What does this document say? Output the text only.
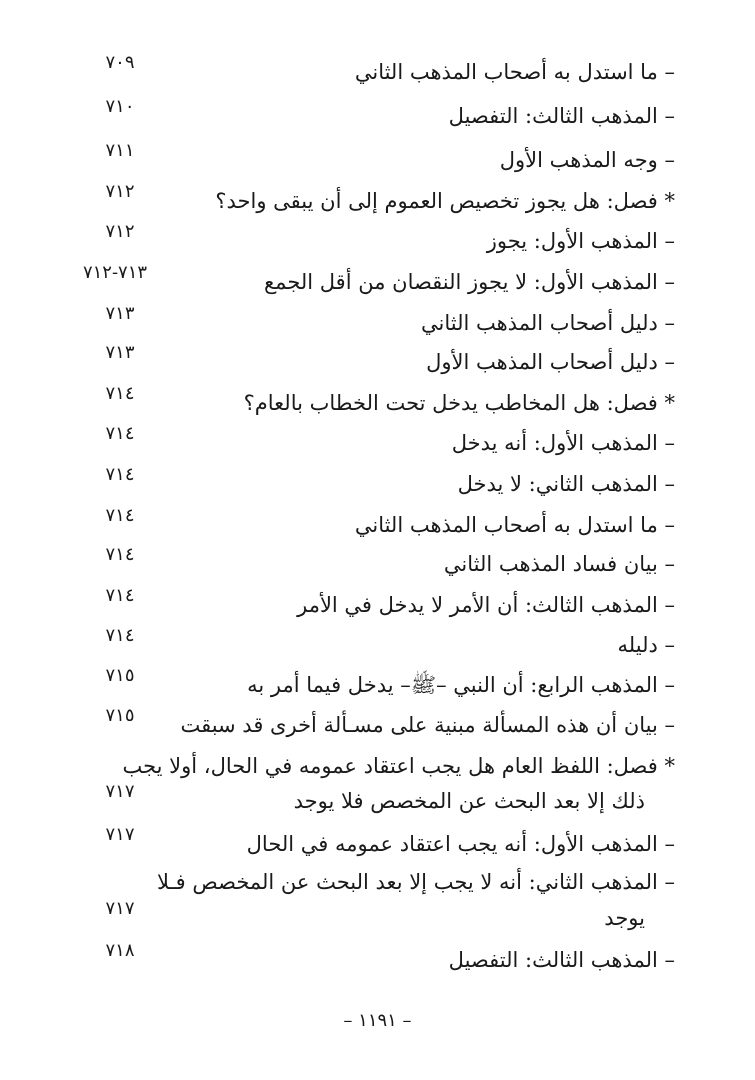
– ما استدل به أصحاب المذهب الثاني
٧٠٩
– المذهب الثالث: التفصيل
٧١٠
– وجه المذهب الأول
٧١١
* فصل: هل يجوز تخصيص العموم إلى أن يبقى واحد؟
٧١٢
– المذهب الأول: يجوز
٧١٢
– المذهب الأول: لا يجوز النقصان من أقل الجمع
٧١٣-٧١٢
– دليل أصحاب المذهب الثاني
٧١٣
– دليل أصحاب المذهب الأول
٧١٣
* فصل: هل المخاطب يدخل تحت الخطاب بالعام؟
٧١٤
– المذهب الأول: أنه يدخل
٧١٤
– المذهب الثاني: لا يدخل
٧١٤
– ما استدل به أصحاب المذهب الثاني
٧١٤
– بيان فساد المذهب الثاني
٧١٤
– المذهب الثالث: أن الأمر لا يدخل في الأمر
٧١٤
– دليله
٧١٤
– المذهب الرابع: أن النبي –ﷺ– يدخل فيما أمر به
٧١٥
– بيان أن هذه المسألة مبنية على مسـألة أخرى قد سبقت
٧١٥
* فصل: اللفظ العام هل يجب اعتقاد عمومه في الحال، أولا يجب
ذلك إلا بعد البحث عن المخصص فلا يوجد
٧١٧
– المذهب الأول: أنه يجب اعتقاد عمومه في الحال
٧١٧
– المذهب الثاني: أنه لا يجب إلا بعد البحث عن المخصص فـلا
يوجد
٧١٧
– المذهب الثالث: التفصيل
٧١٨
– ١١٩١ –
